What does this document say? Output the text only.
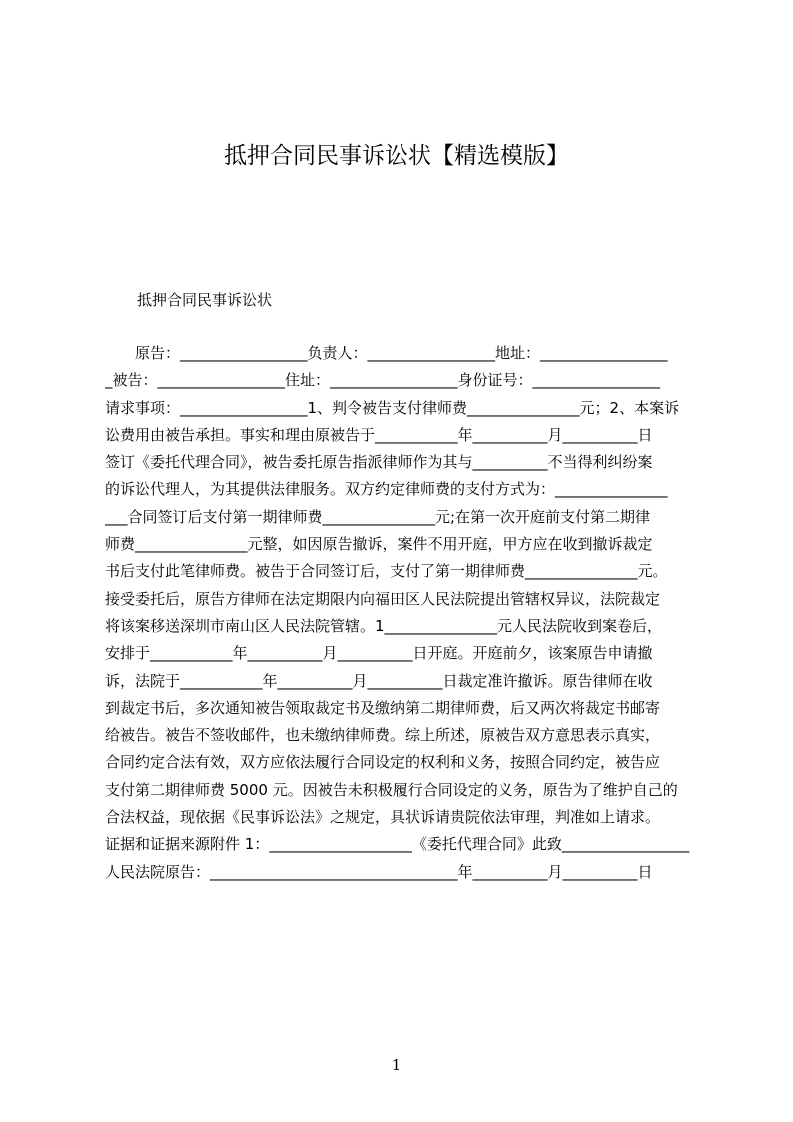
抵押合同民事诉讼状【精选模版】
抵押合同民事诉讼状
　　原告：_________________负责人：_________________地址：_________________
_被告：_________________住址：_________________身份证号：_________________
请求事项：_________________1、判令被告支付律师费_______________元；2、本案诉
讼费用由被告承担。事实和理由原被告于___________年__________月__________日
签订《委托代理合同》，被告委托原告指派律师作为其与__________不当得利纠纷案
的诉讼代理人，为其提供法律服务。双方约定律师费的支付方式为：_______________
___合同签订后支付第一期律师费_______________元;在第一次开庭前支付第二期律
师费_______________元整，如因原告撤诉，案件不用开庭，甲方应在收到撤诉裁定
书后支付此笔律师费。被告于合同签订后，支付了第一期律师费_______________元。
接受委托后，原告方律师在法定期限内向福田区人民法院提出管辖权异议，法院裁定
将该案移送深圳市南山区人民法院管辖。1_______________元人民法院收到案卷后，
安排于___________年__________月__________日开庭。开庭前夕，该案原告申请撤
诉，法院于___________年__________月__________日裁定准许撤诉。原告律师在收
到裁定书后，多次通知被告领取裁定书及缴纳第二期律师费，后又两次将裁定书邮寄
给被告。被告不签收邮件，也未缴纳律师费。综上所述，原被告双方意思表示真实，
合同约定合法有效，双方应依法履行合同设定的权利和义务，按照合同约定，被告应
支付第二期律师费 5000 元。因被告未积极履行合同设定的义务，原告为了维护自己的
合法权益，现依据《民事诉讼法》之规定，具状诉请贵院依法审理，判准如上请求。
证据和证据来源附件 1：___________________《委托代理合同》此致_________________
人民法院原告：_________________________________年__________月__________日
1
